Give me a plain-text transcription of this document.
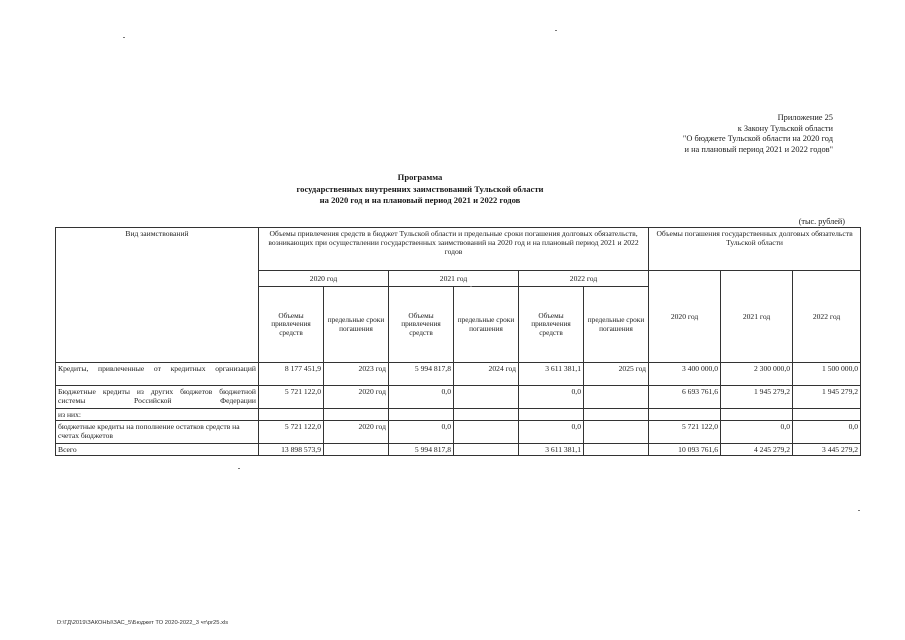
Приложение 25
к Закону Тульской области
"О бюджете Тульской области на 2020 год
и на плановый период 2021 и 2022 годов"
Программа
государственных внутренних заимствований Тульской области
на 2020 год и на плановый период 2021 и 2022 годов
(тыс. рублей)
Вид заимствований	Объемы привлечения средств в бюджет Тульской области и предельные сроки погашения долговых обязательств, возникающих при осуществлении государственных заимствований на 2020 год и на плановый период 2021 и 2022 годов						Объемы погашения государственных долговых обязательств Тульской области		
	2020 год		2021 год		2022 год		2020 год	2021 год	2022 год
	Объемы привлечения средств	предельные сроки погашения	Объемы привлечения средств	предельные сроки погашения	Объемы привлечения средств	предельные сроки погашения			
Кредиты, привлеченные от кредитных организаций	8 177 451,9	2023 год	5 994 817,8	2024 год	3 611 381,1	2025 год	3 400 000,0	2 300 000,0	1 500 000,0
Бюджетные кредиты из других бюджетов бюджетной системы Российской Федерации	5 721 122,0	2020 год	0,0		0,0		6 693 761,6	1 945 279,2	1 945 279,2
из них:									
бюджетные кредиты на пополнение остатков средств на счетах бюджетов	5 721 122,0	2020 год	0,0		0,0		5 721 122,0	0,0	0,0
Всего	13 898 573,9		5 994 817,8		3 611 381,1		10 093 761,6	4 245 279,2	3 445 279,2
D:\ГД\2019\ЗАКОНЫ\ЗАС_5\Бюджет ТО 2020-2022_3 чт\pr25.xls
